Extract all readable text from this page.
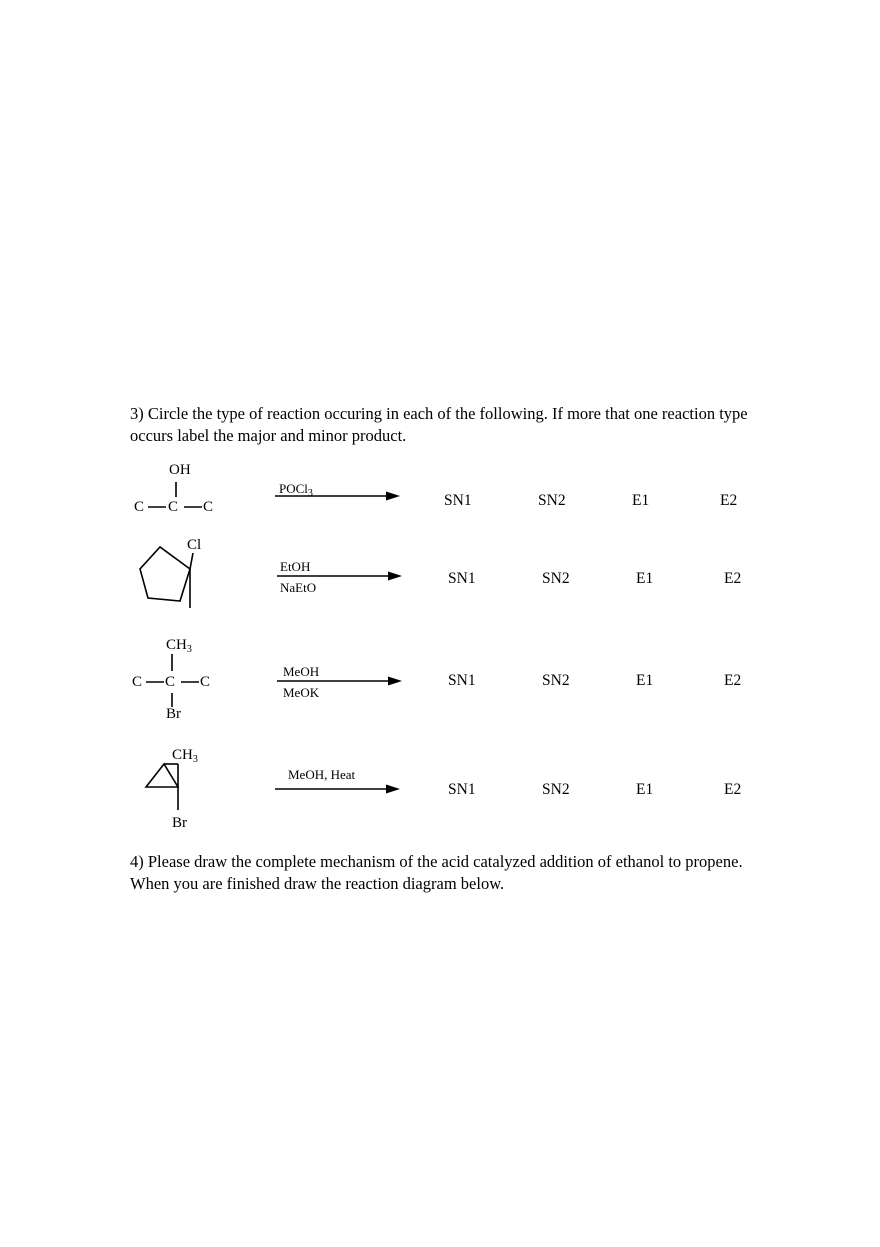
3) Circle the type of reaction occuring in each of the following. If more that one reaction type occurs label the major and minor product.

OH
C C C
POCl$_3$	SN1	SN2	E1	E2
Cl
EtOH
NaEtO
SN1	SN2	E1	E2
$CH_3$
C C C
Br
MeOH
MeOK
SN1	SN2	E1	E2
$CH_3$
Br
MeOH, Heat
SN1	SN2	E1	E2

4) Please draw the complete mechanism of the acid catalyzed addition of ethanol to propene. When you are finished draw the reaction diagram below.
